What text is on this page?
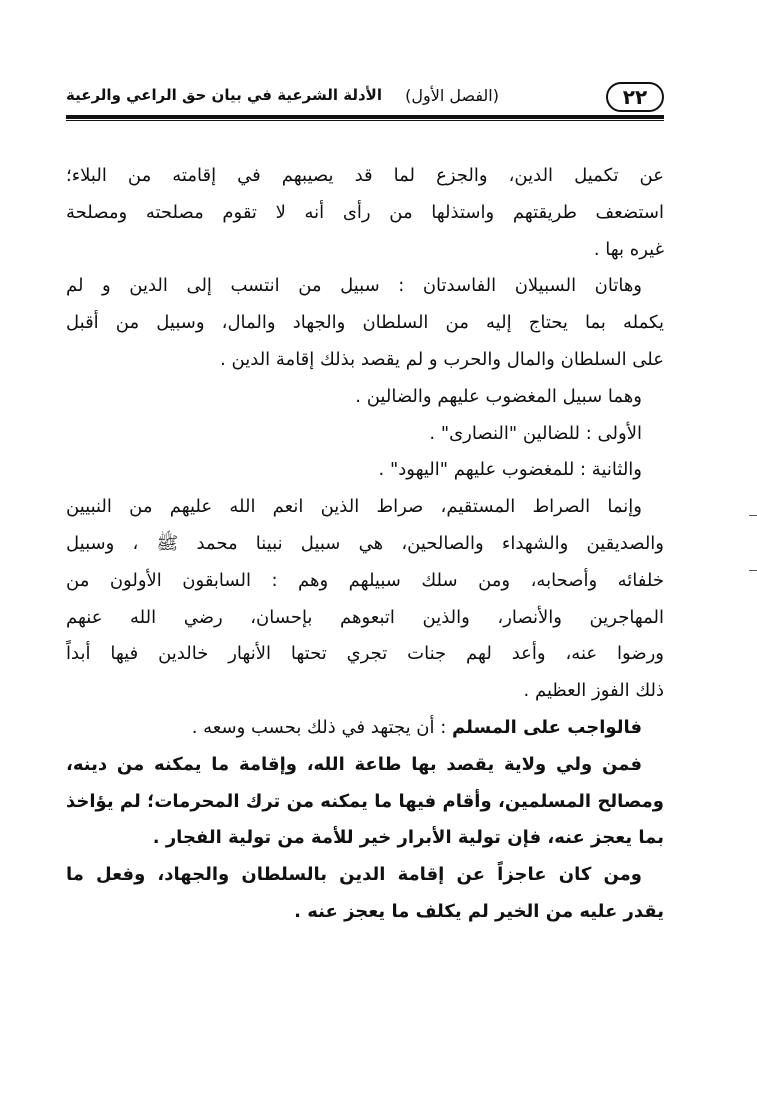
٢٢
(الفصل الأول)
الأدلة الشرعية في بيان حق الراعي والرعية
عن تكميل الدين، والجزع لما قد يصيبهم في إقامته من البلاء؛
استضعف طريقتهم واستذلها من رأى أنه لا تقوم مصلحته ومصلحة
غيره بها .
وهاتان السبيلان الفاسدتان : سبيل من انتسب إلى الدين و لم
يكمله بما يحتاج إليه من السلطان والجهاد والمال، وسبيل من أقبل
على السلطان والمال والحرب و لم يقصد بذلك إقامة الدين .
وهما سبيل المغضوب عليهم والضالين .
الأولى : للضالين "النصارى" .
والثانية : للمغضوب عليهم "اليهود" .
وإنما الصراط المستقيم، صراط الذين انعم الله عليهم من النبيين
والصديقين والشهداء والصالحين، هي سبيل نبينا محمد ﷺ ، وسبيل
خلفائه وأصحابه، ومن سلك سبيلهم وهم : السابقون الأولون من
المهاجرين والأنصار، والذين اتبعوهم بإحسان، رضي الله عنهم
ورضوا عنه، وأعد لهم جنات تجري تحتها الأنهار خالدين فيها أبداً
ذلك الفوز العظيم .
فالواجب على المسلم : أن يجتهد في ذلك بحسب وسعه .
فمن ولي ولاية يقصد بها طاعة الله، وإقامة ما يمكنه من دينه،
ومصالح المسلمين، وأقام فيها ما يمكنه من ترك المحرمات؛ لم يؤاخذ
بما يعجز عنه، فإن تولية الأبرار خير للأمة من تولية الفجار .
ومن كان عاجزاً عن إقامة الدين بالسلطان والجهاد، وفعل ما
يقدر عليه من الخير لم يكلف ما يعجز عنه .
